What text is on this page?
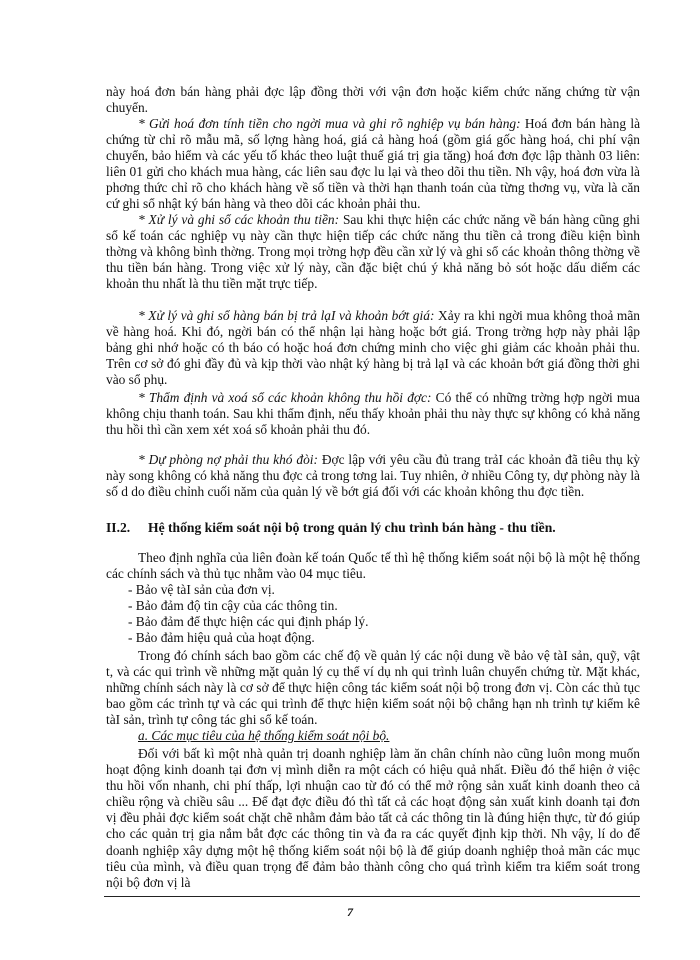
này hoá đơn bán hàng phải đợc lập đồng thời với vận đơn hoặc kiểm chức năng chứng từ vận chuyển.

* Gửi hoá đơn tính tiền cho ngời mua và ghi rõ nghiệp vụ bán hàng: Hoá đơn bán hàng là chứng từ chỉ rõ mẫu mã, số lợng hàng hoá, giá cả hàng hoá (gồm giá gốc hàng hoá, chi phí vận chuyển, bảo hiểm và các yếu tố khác theo luật thuế giá trị gia tăng) hoá đơn đợc lập thành 03 liên: liên 01 gửi cho khách mua hàng, các liên sau đợc lu lại và theo dõi thu tiền. Nh vậy, hoá đơn vừa là phơng thức chỉ rõ cho khách hàng về số tiền và thời hạn thanh toán của từng thơng vụ, vừa là căn cứ ghi sổ nhật ký bán hàng và theo dõi các khoản phải thu.

* Xử lý và ghi sổ các khoản thu tiền: Sau khi thực hiện các chức năng về bán hàng cũng ghi sổ kế toán các nghiệp vụ này cần thực hiện tiếp các chức năng thu tiền cả trong điều kiện bình thờng và không bình thờng. Trong mọi trờng hợp đều cần xử lý và ghi sổ các khoản thông thờng về thu tiền bán hàng. Trong việc xử lý này, cần đặc biệt chú ý khả năng bỏ sót hoặc dấu diếm các khoản thu nhất là thu tiền mặt trực tiếp.

* Xử lý và ghi sổ hàng bán bị trả lạI và khoản bớt giá: Xảy ra khi ngời mua không thoả mãn về hàng hoá. Khi đó, ngời bán có thể nhận lại hàng hoặc bớt giá. Trong trờng hợp này phải lập bảng ghi nhớ hoặc có th báo có hoặc hoá đơn chứng minh cho việc ghi giảm các khoản phải thu. Trên cơ sở đó ghi đầy đủ và kịp thời vào nhật ký hàng bị trả lạI và các khoản bớt giá đồng thời ghi vào sổ phụ.

* Thẩm định và xoá sổ các khoản không thu hồi đợc: Có thể có những trờng hợp ngời mua không chịu thanh toán. Sau khi thẩm định, nếu thấy khoản phải thu này thực sự không có khả năng thu hồi thì cần xem xét xoá sổ khoản phải thu đó.

* Dự phòng nợ phải thu khó đòi: Đợc lập với yêu cầu đủ trang trảI các khoản đã tiêu thụ kỳ này song không có khả năng thu đợc cả trong tơng lai. Tuy nhiên, ở nhiều Công ty, dự phòng này là số d do điều chỉnh cuối năm của quản lý về bớt giá đối với các khoản không thu đợc tiền.

II.2. Hệ thống kiểm soát nội bộ trong quản lý chu trình bán hàng - thu tiền.

Theo định nghĩa của liên đoàn kế toán Quốc tế thì hệ thống kiểm soát nội bộ là một hệ thống các chính sách và thủ tục nhằm vào 04 mục tiêu.

- Bảo vệ tàI sản của đơn vị.
- Bảo đảm độ tin cậy của các thông tin.
- Bảo đảm để thực hiện các qui định pháp lý.
- Bảo đảm hiệu quả của hoạt động.

Trong đó chính sách bao gồm các chế độ về quản lý các nội dung về bảo vệ tàI sản, quỹ, vật t, và các qui trình về những mặt quản lý cụ thể ví dụ nh qui trình luân chuyển chứng từ. Mặt khác, những chính sách này là cơ sở để thực hiện công tác kiểm soát nội bộ trong đơn vị. Còn các thủ tục bao gồm các trình tự và các qui trình để thực hiện kiểm soát nội bộ chẳng hạn nh trình tự kiểm kê tàI sản, trình tự công tác ghi sổ kế toán.

a. Các mục tiêu của hệ thống kiểm soát nội bộ.

Đối với bất kì một nhà quản trị doanh nghiệp làm ăn chân chính nào cũng luôn mong muốn hoạt động kinh doanh tại đơn vị mình diễn ra một cách có hiệu quả nhất. Điều đó thể hiện ở việc thu hồi vốn nhanh, chi phí thấp, lợi nhuận cao từ đó có thể mở rộng sản xuất kinh doanh theo cả chiều rộng và chiều sâu ... Để đạt đợc điều đó thì tất cả các hoạt động sản xuất kinh doanh tại đơn vị đều phải đợc kiểm soát chặt chẽ nhằm đảm bảo tất cả các thông tin là đúng hiện thực, từ đó giúp cho các quản trị gia nắm bắt đợc các thông tin và đa ra các quyết định kịp thời. Nh vậy, lí do để doanh nghiệp xây dựng một hệ thống kiểm soát nội bộ là để giúp doanh nghiệp thoả mãn các mục tiêu của mình, và điều quan trọng để đảm bảo thành công cho quá trình kiểm tra kiểm soát trong nội bộ đơn vị là

7
